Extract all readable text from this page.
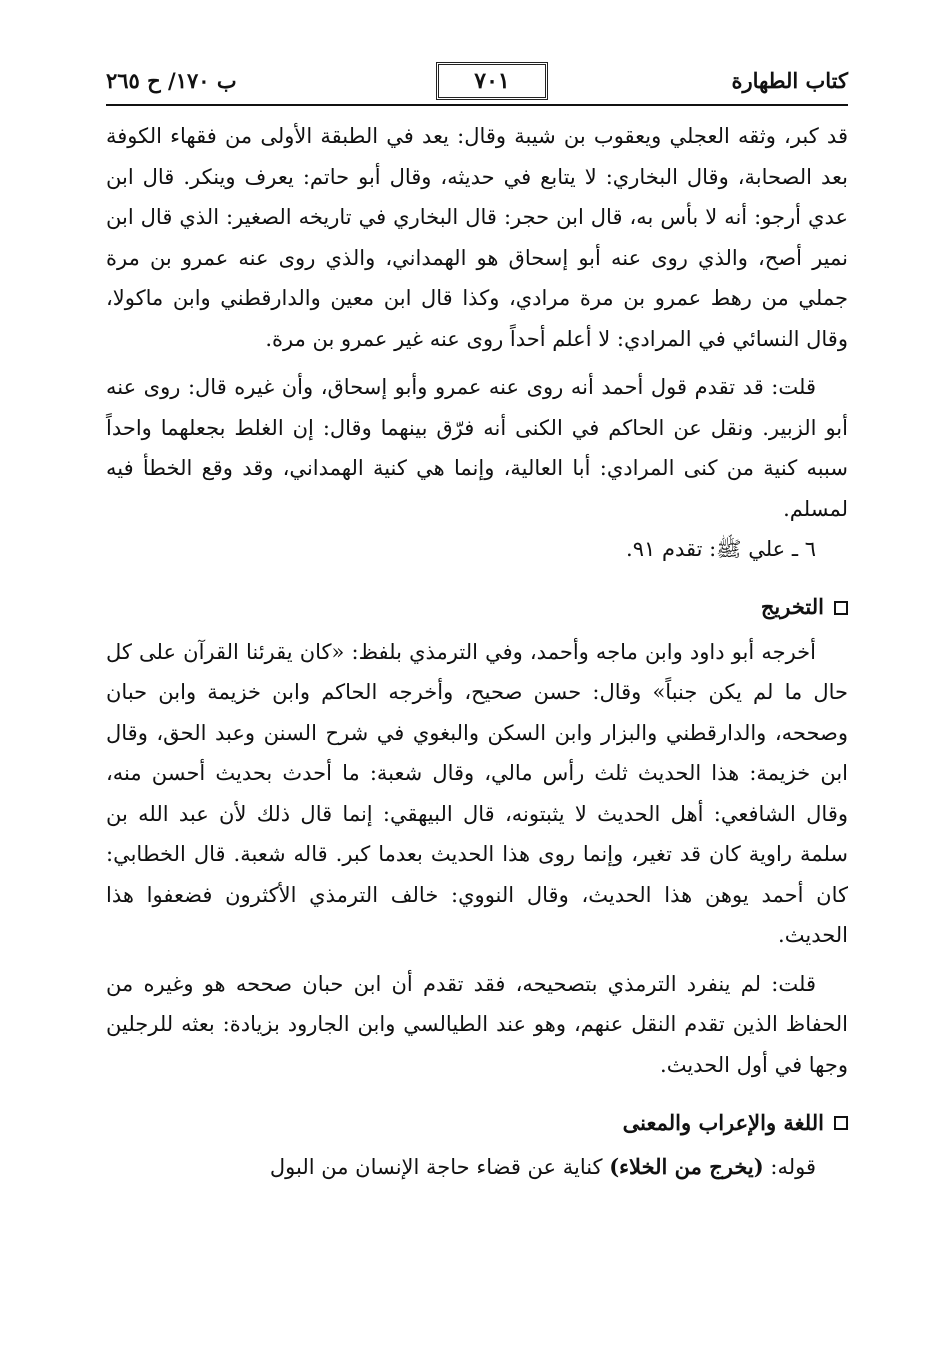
كتاب الطهارة
٧٠١
ب ١٧٠/ ح ٢٦٥

قد كبر، وثقه العجلي ويعقوب بن شيبة وقال: يعد في الطبقة الأولى من فقهاء الكوفة بعد الصحابة، وقال البخاري: لا يتابع في حديثه، وقال أبو حاتم: يعرف وينكر. قال ابن عدي أرجو: أنه لا بأس به، قال ابن حجر: قال البخاري في تاريخه الصغير: الذي قال ابن نمير أصح، والذي روى عنه أبو إسحاق هو الهمداني، والذي روى عنه عمرو بن مرة جملي من رهط عمرو بن مرة مرادي، وكذا قال ابن معين والدارقطني وابن ماكولا، وقال النسائي في المرادي: لا أعلم أحداً روى عنه غير عمرو بن مرة.

قلت: قد تقدم قول أحمد أنه روى عنه عمرو وأبو إسحاق، وأن غيره قال: روى عنه أبو الزبير. ونقل عن الحاكم في الكنى أنه فرّق بينهما وقال: إن الغلط بجعلهما واحداً سببه كنية من كنى المرادي: أبا العالية، وإنما هي كنية الهمداني، وقد وقع الخطأ فيه لمسلم.

٦ ـ علي ﷺ: تقدم ٩١.

التخريج

أخرجه أبو داود وابن ماجه وأحمد، وفي الترمذي بلفظ: «كان يقرئنا القرآن على كل حال ما لم يكن جنباً» وقال: حسن صحيح، وأخرجه الحاكم وابن خزيمة وابن حبان وصححه، والدارقطني والبزار وابن السكن والبغوي في شرح السنن وعبد الحق، وقال ابن خزيمة: هذا الحديث ثلث رأس مالي، وقال شعبة: ما أحدث بحديث أحسن منه، وقال الشافعي: أهل الحديث لا يثبتونه، قال البيهقي: إنما قال ذلك لأن عبد الله بن سلمة راوية كان قد تغير، وإنما روى هذا الحديث بعدما كبر. قاله شعبة. قال الخطابي: كان أحمد يوهن هذا الحديث، وقال النووي: خالف الترمذي الأكثرون فضعفوا هذا الحديث.

قلت: لم ينفرد الترمذي بتصحيحه، فقد تقدم أن ابن حبان صححه هو وغيره من الحفاظ الذين تقدم النقل عنهم، وهو عند الطيالسي وابن الجارود بزيادة: بعثه للرجلين وجها في أول الحديث.

اللغة والإعراب والمعنى

قوله: (يخرج من الخلاء) كناية عن قضاء حاجة الإنسان من البول
